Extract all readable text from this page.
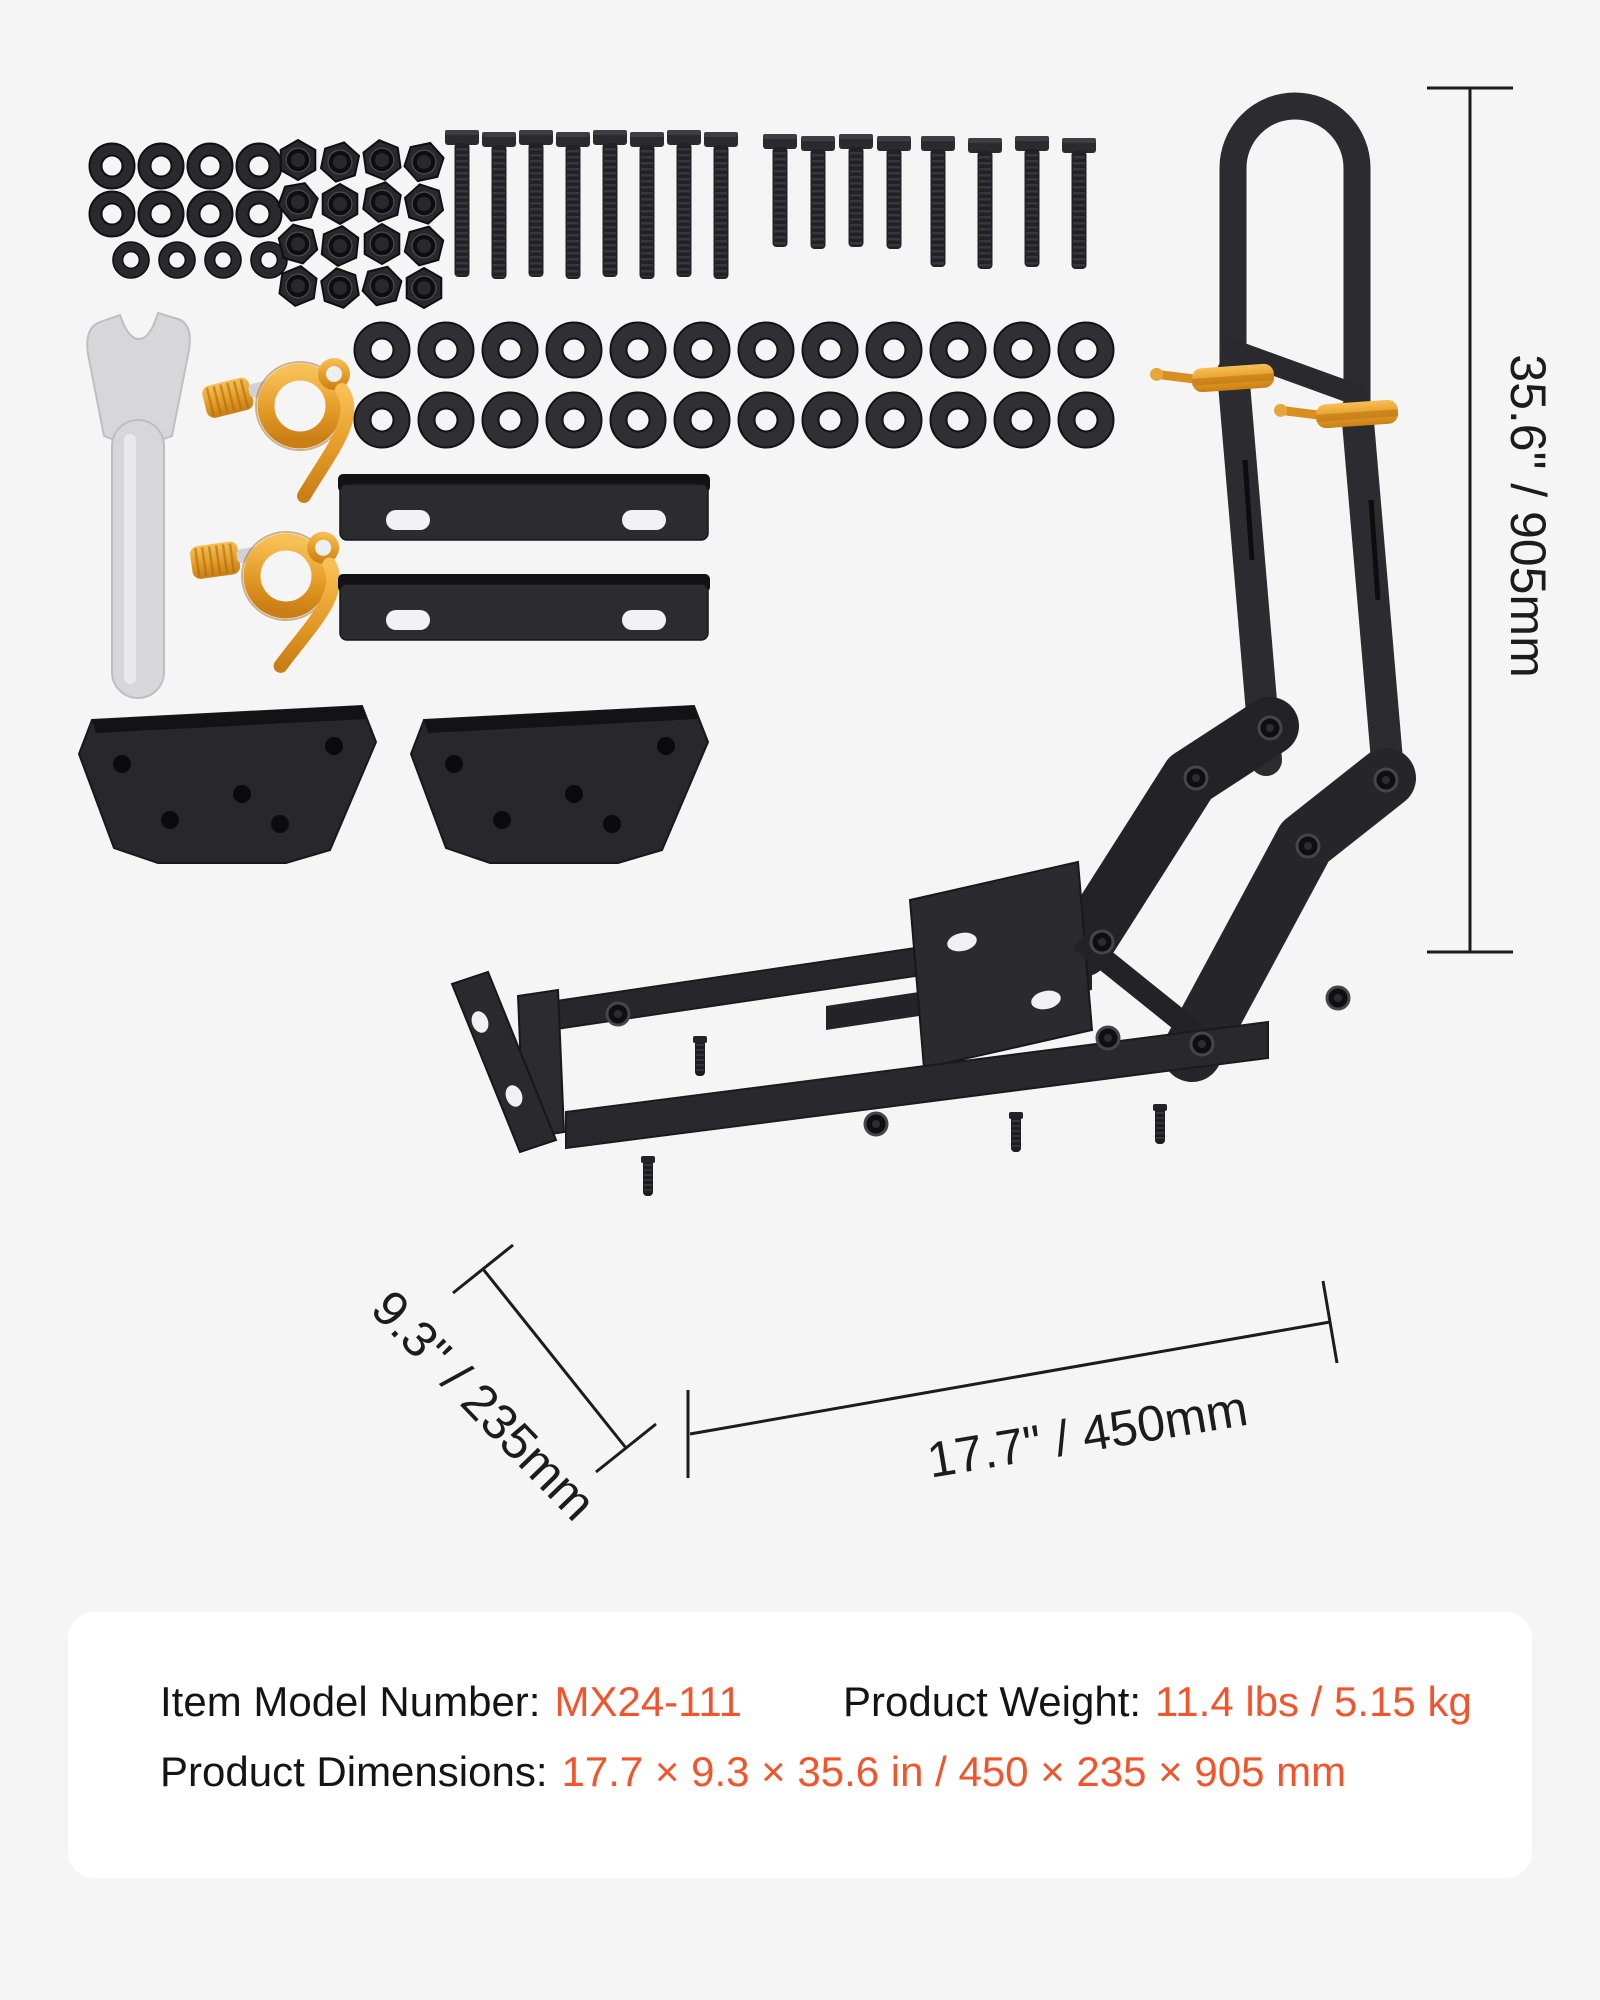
35.6" / 905mm
9.3" / 235mm	17.7" / 450mm
Item Model Number: MX24-111 Product Weight: 11.4 lbs / 5.15 kg
Product Dimensions: 17.7 × 9.3 × 35.6 in / 450 × 235 × 905 mm
